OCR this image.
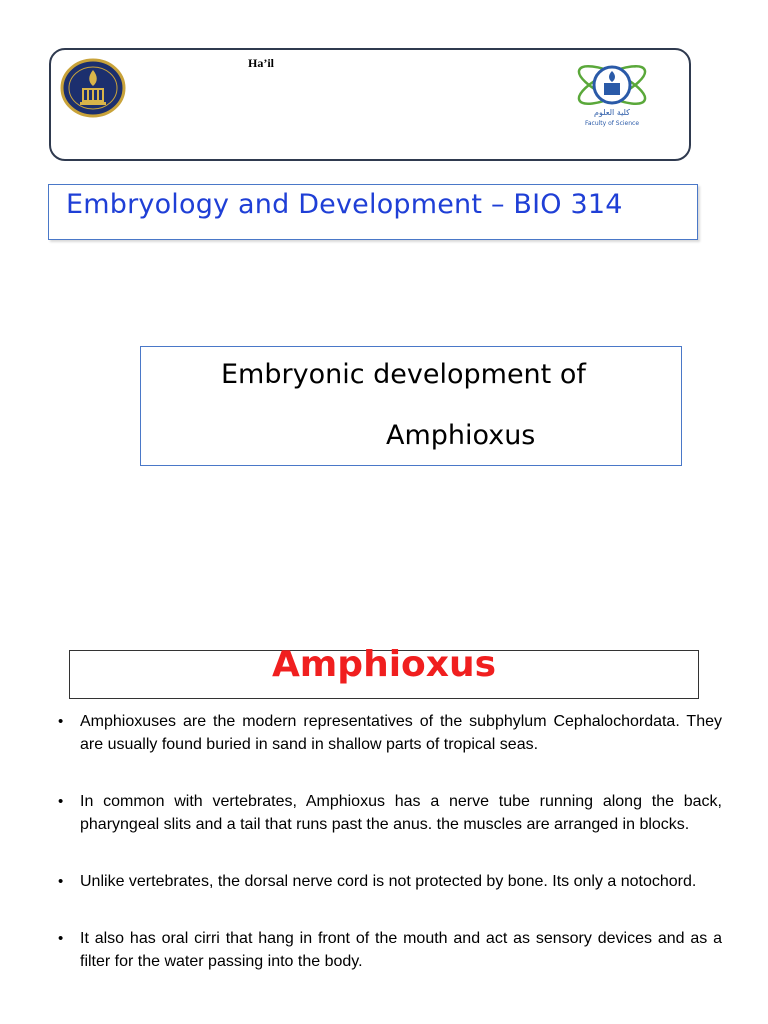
Ha’il
كلية العلوم
Faculty of Science
Embryology and Development – BIO 314
Embryonic development of
Amphioxus
Amphioxus
• Amphioxuses are the modern representatives of the subphylum Cephalochordata. They are usually found buried in sand in shallow parts of tropical seas.
• In common with vertebrates, Amphioxus has a nerve tube running along the back, pharyngeal slits and a tail that runs past the anus. the muscles are arranged in blocks.
• Unlike vertebrates, the dorsal nerve cord is not protected by bone. Its only a notochord.
• It also has oral cirri that hang in front of the mouth and act as sensory devices and as a filter for the water passing into the body.
